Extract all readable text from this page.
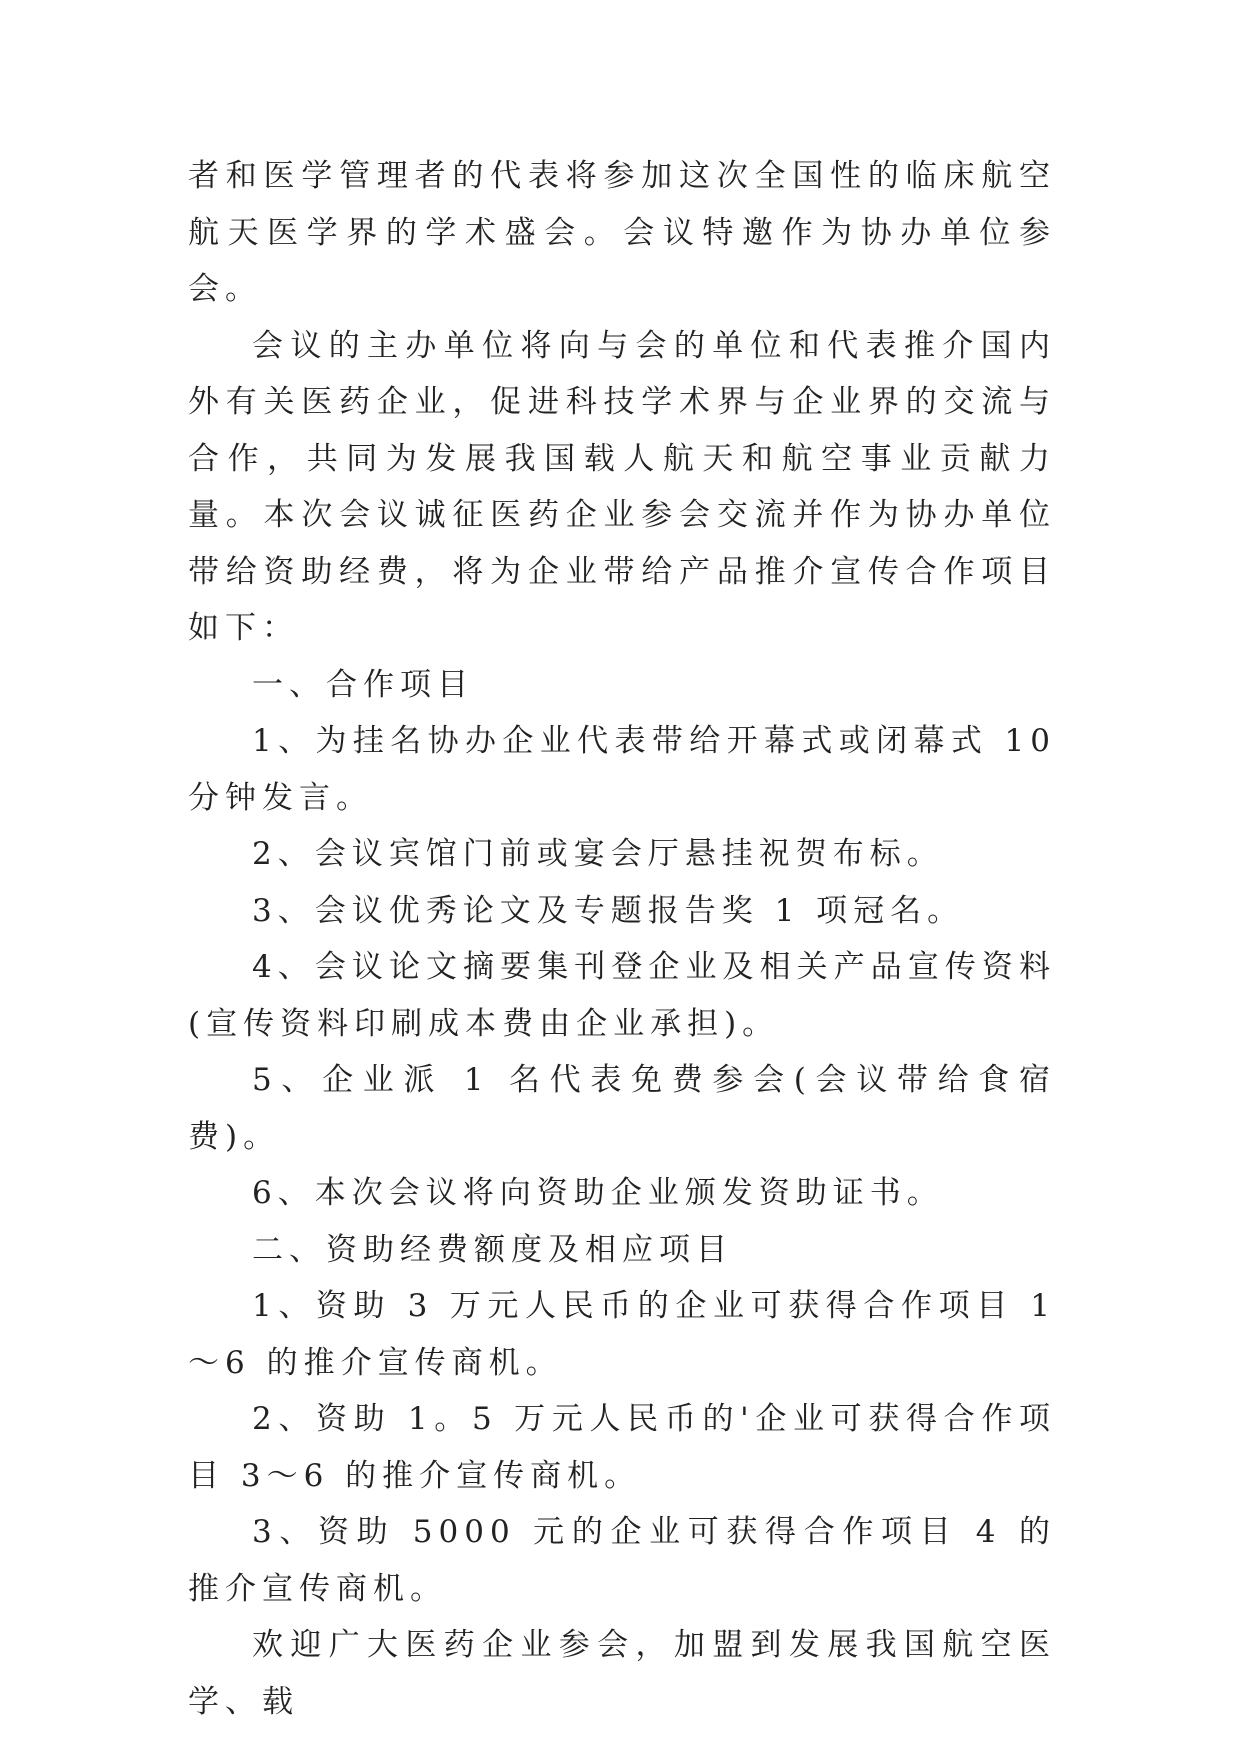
者和医学管理者的代表将参加这次全国性的临床航空航天医学界的学术盛会。会议特邀作为协办单位参会。

会议的主办单位将向与会的单位和代表推介国内外有关医药企业，促进科技学术界与企业界的交流与合作，共同为发展我国载人航天和航空事业贡献力量。本次会议诚征医药企业参会交流并作为协办单位带给资助经费，将为企业带给产品推介宣传合作项目如下：

一、合作项目

1、为挂名协办企业代表带给开幕式或闭幕式 10 分钟发言。

2、会议宾馆门前或宴会厅悬挂祝贺布标。

3、会议优秀论文及专题报告奖 1 项冠名。

4、会议论文摘要集刊登企业及相关产品宣传资料(宣传资料印刷成本费由企业承担)。

5、企业派 1 名代表免费参会(会议带给食宿费)。

6、本次会议将向资助企业颁发资助证书。

二、资助经费额度及相应项目

1、资助 3 万元人民币的企业可获得合作项目 1～6 的推介宣传商机。

2、资助 1。5 万元人民币的'企业可获得合作项目 3～6 的推介宣传商机。

3、资助 5000 元的企业可获得合作项目 4 的推介宣传商机。

欢迎广大医药企业参会，加盟到发展我国航空医学、载
